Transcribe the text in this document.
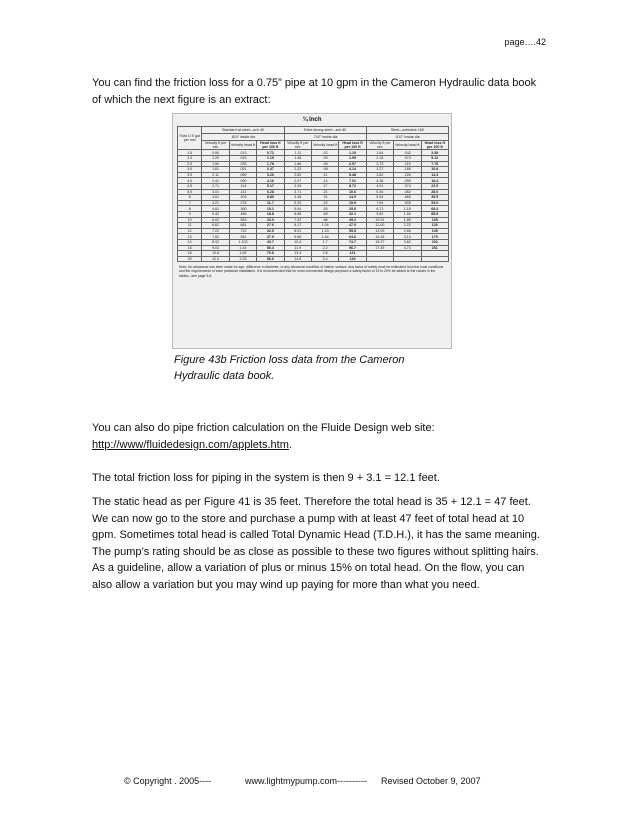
page….42
You can find the friction loss for a 0.75” pipe at 10 gpm in the Cameron Hydraulic data book of which the next figure is an extract:
¾ Inch
Flow U S gal per min	Standard wt steel—sch 40			Extra strong steel—sch 80			Steel—schedule 160		
	.824" inside dia			.742" inside dia			.612" inside dia		
	Velocity ft per sec	Velocity head ft	Head loss ft per 100 ft	Velocity ft per sec	Velocity head ft	Head loss ft per 100 ft	Velocity ft per sec	Velocity head ft	Head loss ft per 100 ft
1.5	0.90	.013	0.72	1.11	.02	1.19	1.64	.042	2.55
2.0	1.20	.023	1.19	1.48	.03	1.99	2.18	.074	5.12
2.5	1.50	.035	1.78	1.86	.05	2.97	2.73	.115	7.76
3.0	1.81	.051	2.47	2.23	.08	4.14	3.27	.166	10.8
3.5	2.11	.069	3.26	2.60	.11	5.48	3.82	.226	14.3
4.0	2.41	.090	4.16	2.97	.14	7.01	4.36	.295	18.4
4.5	2.71	.114	5.17	3.34	17	8.72	4.91	.374	22.9
5.0	3.01	.141	6.28	3.71	.21	10.6	5.45	.462	28.0
6	3.61	.203	8.80	4.45	.31	14.9	6.54	.665	39.5
7	4.21	.276	11.7	5.20	.42	19.9	7.64	.905	53.0
8	4.81	.360	15.1	5.94	.55	25.6	8.73	1.18	68.4
9	5.42	.456	18.8	6.68	.69	32.1	9.82	1.50	85.8
10	6.02	.563	23.0	7.42	.86	39.2	10.91	1.85	105
11	6.62	.681	27.6	8.17	1.04	47.0	12.00	2.23	126
12	7.22	.722	32.5	8.91	1.23	55.5	13.09	2.66	149
13	7.82	.951	37.9	9.65	1.44	64.6	14.18	3.13	175
14	8.42	1.103	43.7	10.4	1.7	74.7	15.27	3.62	202
15	9.03	1.44	56.4	11.9	2.2	96.7	17.45	4.73	261
16	10.8	1.82	70.6	13.4	2.8	121			
20	12.0	2.25	86.6	14.8	3.4	149			
Note: No allowance has been made for age, difference in diameter, or any abnormal condition of interior surface. Any factor of safety must be estimated from the local conditions and the requirements of each particular installation. It is recommended that for most commercial design purposes a safety factor of 15 to 20% be added to the values in the tables—see page 3-5.
Figure 43b Friction loss data from the Cameron Hydraulic data book.
You can also do pipe friction calculation on the Fluide Design web site:
http://www/fluidedesign.com/applets.htm.
The total friction loss for piping in the system is then 9 + 3.1 = 12.1 feet.
The static head as per Figure 41 is 35 feet. Therefore the total head is 35 + 12.1 = 47 feet. We can now go to the store and purchase a pump with at least 47 feet of total head at 10 gpm. Sometimes total head is called Total Dynamic Head (T.D.H.), it has the same meaning. The pump’s rating should be as close as possible to these two figures without splitting hairs. As a guideline, allow a variation of plus or minus 15% on total head. On the flow, you can also allow a variation but you may wind up paying for more than what you need.
© Copyright . 2005----	www.lightmypump.com---------- Revised October 9, 2007
